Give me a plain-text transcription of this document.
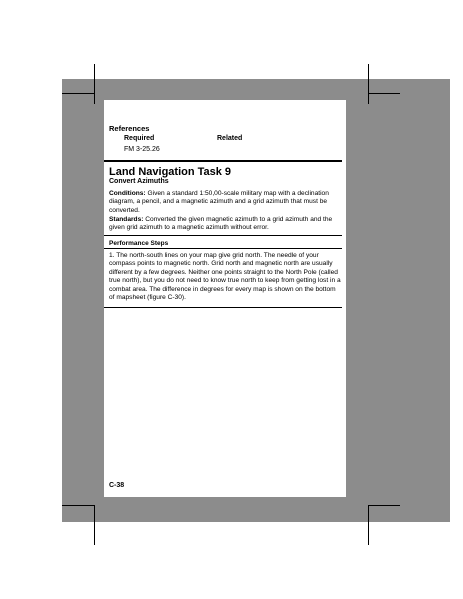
References
Required	Related
FM 3-25.26
Land Navigation Task 9
Convert Azimuths
Conditions: Given a standard 1:50,00-scale military map with a declination diagram, a pencil, and a magnetic azimuth and a grid azimuth that must be converted.
Standards: Converted the given magnetic azimuth to a grid azimuth and the given grid azimuth to a magnetic azimuth without error.
Performance Steps
1. The north-south lines on your map give grid north. The needle of your compass points to magnetic north. Grid north and magnetic north are usually different by a few degrees. Neither one points straight to the North Pole (called true north), but you do not need to know true north to keep from getting lost in a combat area. The difference in degrees for every map is shown on the bottom of mapsheet (figure C-30).
C-38
